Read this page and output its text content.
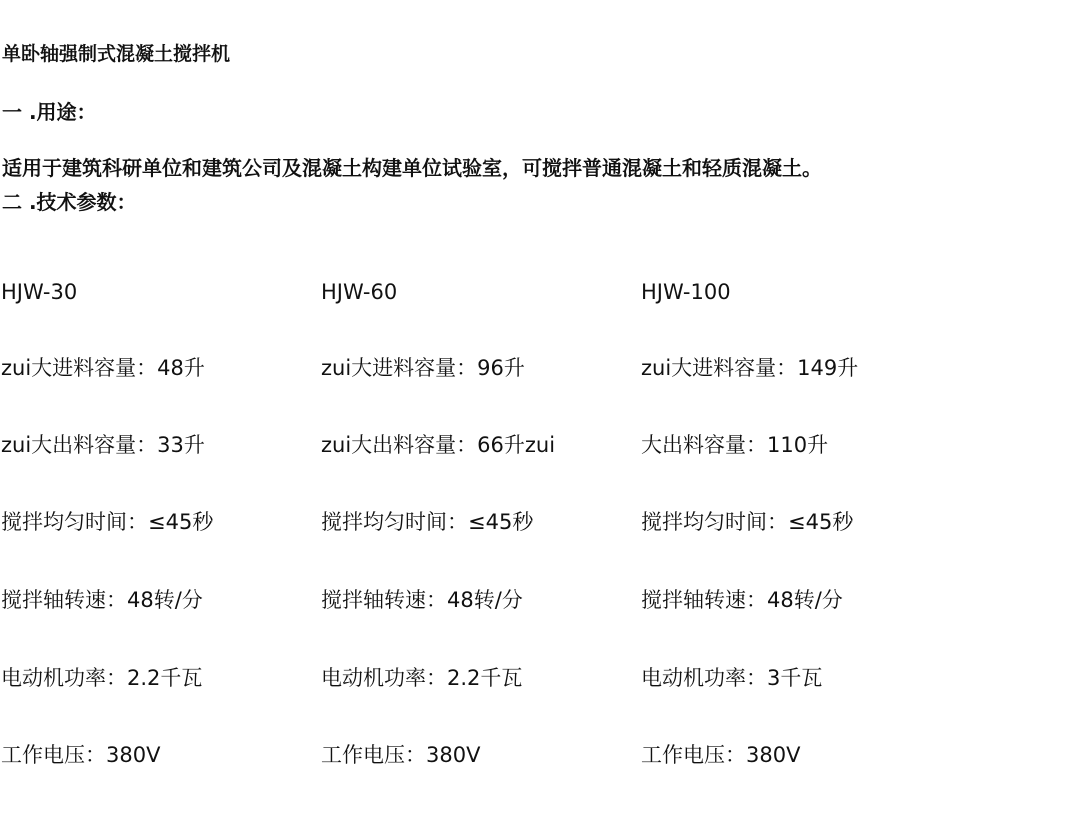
单卧轴强制式混凝土搅拌机
一 .用途：
适用于建筑科研单位和建筑公司及混凝土构建单位试验室，可搅拌普通混凝土和轻质混凝土。
二 .技术参数：
HJW-30	HJW-60	HJW-100
zui大进料容量：48升	zui大进料容量：96升	zui大进料容量：149升
zui大出料容量：33升	zui大出料容量：66升zui	大出料容量：110升
搅拌均匀时间：≤45秒	搅拌均匀时间：≤45秒	搅拌均匀时间：≤45秒
搅拌轴转速：48转/分	搅拌轴转速：48转/分	搅拌轴转速：48转/分
电动机功率：2.2千瓦	电动机功率：2.2千瓦	电动机功率：3千瓦
工作电压：380V	工作电压：380V	工作电压：380V
